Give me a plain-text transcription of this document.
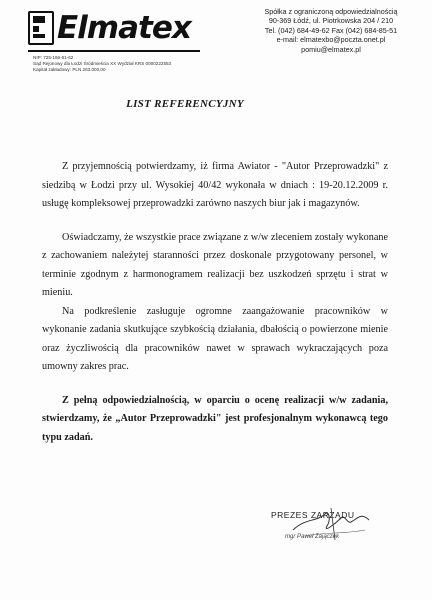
Elmatex
NIP: 725-166-61-62
Sąd Rejonowy dla Łodzi Śródmieścia XX Wydział KRS 0000222553
Kapitał zakładowy: PLN 263.000,00
Spółka z ograniczoną odpowiedzialnością
90-369 Łódź, ul. Piotrkowska 204 / 210
Tel. (042) 684-49-62 Fax (042) 684-85-51
e-mail: elmatexbo@poczta.onet.pl
pomiu@elmatex.pl
LIST REFERENCYJNY

Z przyjemnością potwierdzamy, iż firma Awiator - "Autor Przeprowadzki" z siedzibą w Łodzi przy ul. Wysokiej 40/42 wykonała w dniach : 19-20.12.2009 r. usługę kompleksowej przeprowadzki zarówno naszych biur jak i magazynów.

Oświadczamy, że wszystkie prace związane z w/w zleceniem zostały wykonane z zachowaniem należytej staranności przez doskonale przygotowany personel, w terminie zgodnym z harmonogramem realizacji bez uszkodzeń sprzętu i strat w mieniu.

Na podkreślenie zasługuje ogromne zaangażowanie pracowników w wykonanie zadania skutkujące szybkością działania, dbałością o powierzone mienie oraz życzliwością dla pracowników nawet w sprawach wykraczających poza umowny zakres prac.

Z pełną odpowiedzialnością, w oparciu o ocenę realizacji w/w zadania, stwierdzamy, że „Autor Przeprowadzki" jest profesjonalnym wykonawcą tego typu zadań.

PREZES ZARZĄDU
mgr Paweł Zajączek
